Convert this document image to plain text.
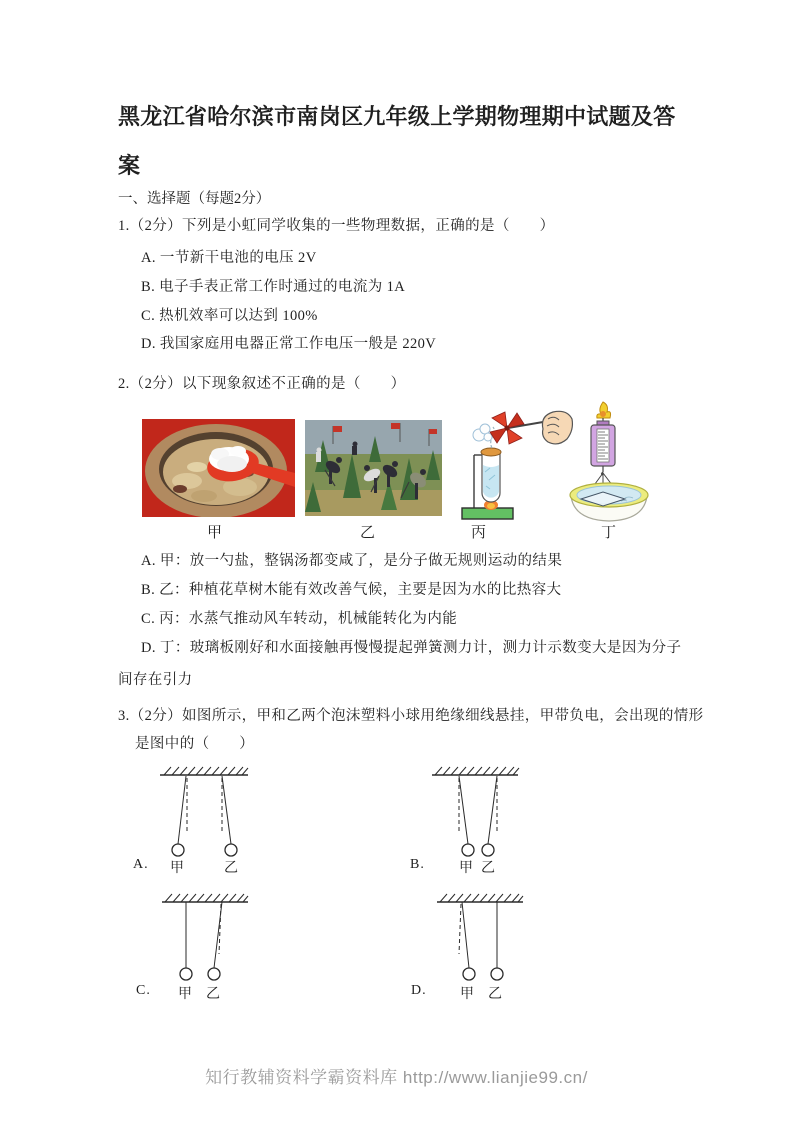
黑龙江省哈尔滨市南岗区九年级上学期物理期中试题及答案
一、选择题（每题2分）

1.（2分）下列是小虹同学收集的一些物理数据，正确的是（　　）

A. 一节新干电池的电压 2V

B. 电子手表正常工作时通过的电流为 1A

C. 热机效率可以达到 100%

D. 我国家庭用电器正常工作电压一般是 220V

2.（2分）以下现象叙述不正确的是（　　）

甲	乙	丙	丁

A. 甲：放一勺盐，整锅汤都变咸了，是分子做无规则运动的结果

B. 乙：种植花草树木能有效改善气候，主要是因为水的比热容大

C. 丙：水蒸气推动风车转动，机械能转化为内能

D. 丁：玻璃板刚好和水面接触再慢慢提起弹簧测力计，测力计示数变大是因为分子间存在引力

3.（2分）如图所示，甲和乙两个泡沫塑料小球用绝缘细线悬挂，甲带负电，会出现的情形是图中的（　　）

A. 甲	乙	B. 甲 乙
C. 甲 乙	D. 甲 乙
知行教辅资料学霸资料库 http://www.lianjie99.cn/
